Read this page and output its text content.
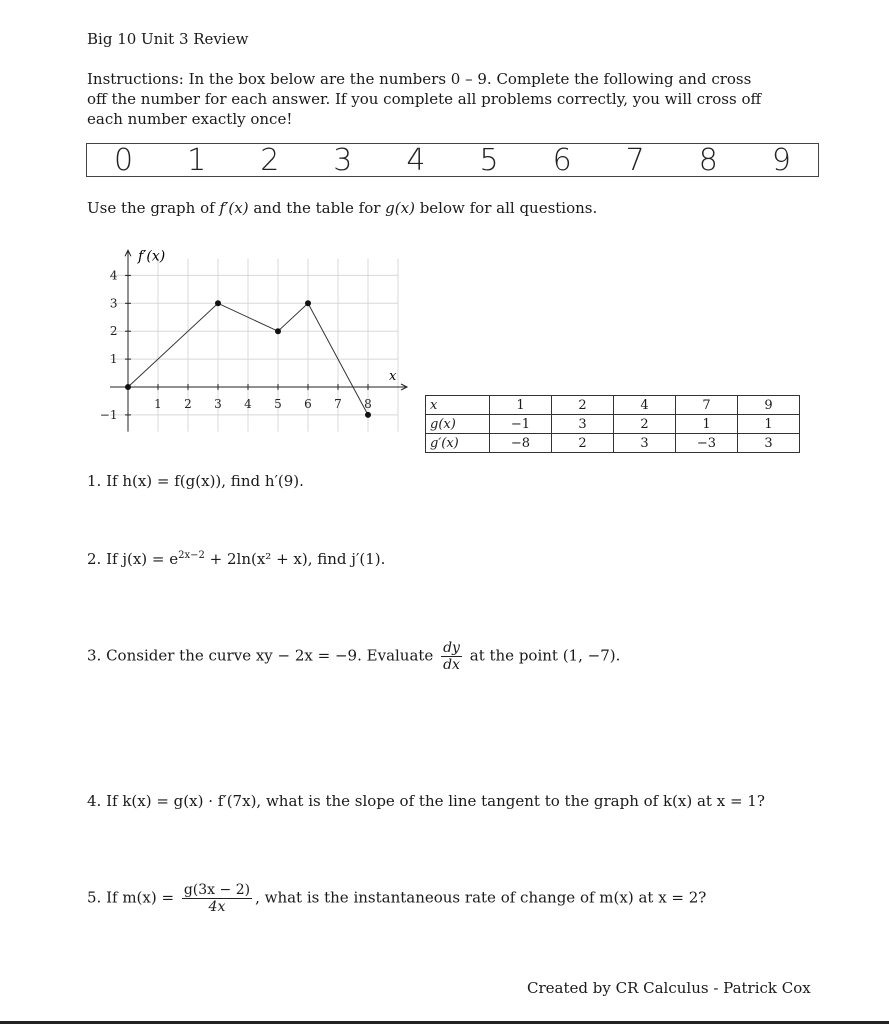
Big 10 Unit 3 Review
Instructions: In the box below are the numbers 0 – 9. Complete the following and cross off the number for each answer. If you complete all problems correctly, you will cross off each number exactly once!
0	1	2	3	4	5	6	7	8	9
Use the graph of f′(x) and the table for g(x) below for all questions.
1 2 3 4 5 6 7 8
4
3
2
1
−1
f′(x)
x
x	1	2	4	7	9
g(x)	−1	3	2	1	1
g′(x)	−8	2	3	−3	3
1. If h(x) = f(g(x)), find h′(9).
2. If $j(x) = e^{2x-2} + 2\ln(x^2 + x)$, find j′(1).
3. Consider the curve xy − 2x = −9. Evaluate $\frac{dy}{dx}$ at the point (1, −7).
4. If k(x) = g(x) · f′(7x), what is the slope of the line tangent to the graph of k(x) at x = 1?
5. If $m(x) = \frac{g(3x - 2)}{4x}$ , what is the instantaneous rate of change of m(x) at x = 2?
Created by CR Calculus - Patrick Cox
